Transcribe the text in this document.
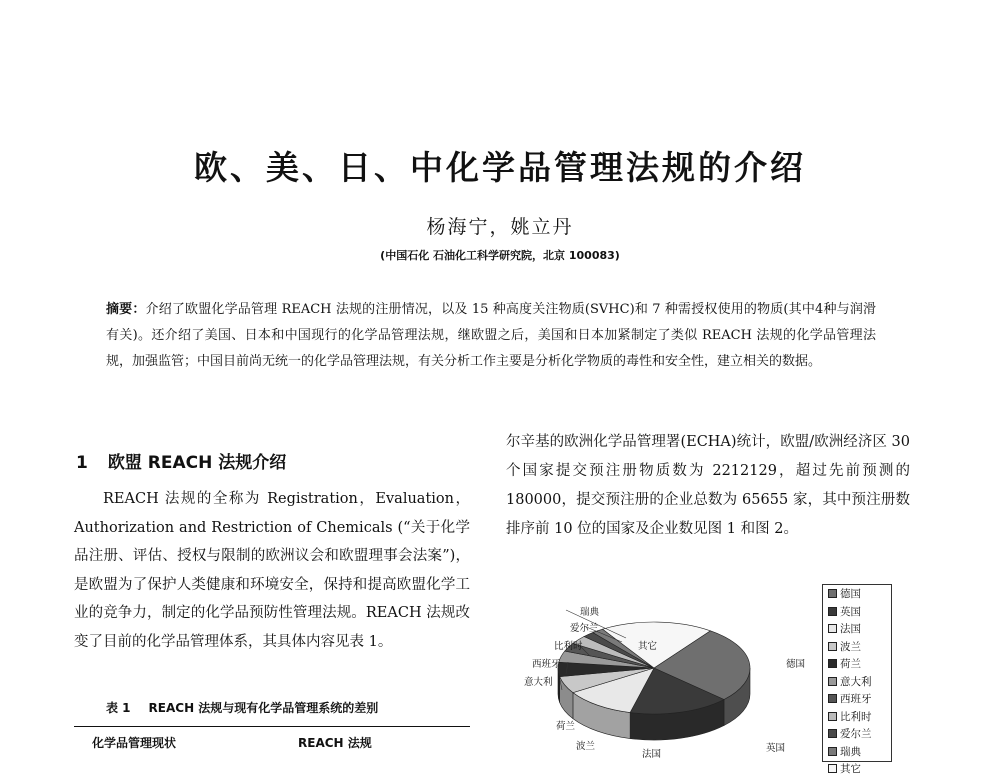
欧、美、日、中化学品管理法规的介绍
杨海宁，姚立丹
(中国石化 石油化工科学研究院，北京 100083)
摘要：介绍了欧盟化学品管理 REACH 法规的注册情况，以及 15 种高度关注物质(SVHC)和 7 种需授权使用的物质(其中4种与润滑有关)。还介绍了美国、日本和中国现行的化学品管理法规，继欧盟之后，美国和日本加紧制定了类似 REACH 法规的化学品管理法规，加强监管；中国目前尚无统一的化学品管理法规，有关分析工作主要是分析化学物质的毒性和安全性，建立相关的数据。
1 欧盟 REACH 法规介绍
REACH 法规的全称为 Registration，Evaluation，Authorization and Restriction of Chemicals (“关于化学品注册、评估、授权与限制的欧洲议会和欧盟理事会法案”)，是欧盟为了保护人类健康和环境安全，保持和提高欧盟化学工业的竞争力，制定的化学品预防性管理法规。REACH 法规改变了目前的化学品管理体系，其具体内容见表 1。
表 1 REACH 法规与现有化学品管理系统的差别
化学品管理现状	REACH 法规
尔辛基的欧洲化学品管理署(ECHA)统计，欧盟/欧洲经济区 30 个国家提交预注册物质数为 2212129，超过先前预测的 180000，提交预注册的企业总数为 65655 家，其中预注册数排序前 10 位的国家及企业数见图 1 和图 2。
德国
英国
法国
波兰
荷兰
意大利
西班牙
比利时
爱尔兰
瑞典
其它
德国
英国
法国
波兰
荷兰
意大利
西班牙
比利时
爱尔兰
瑞典
其它
